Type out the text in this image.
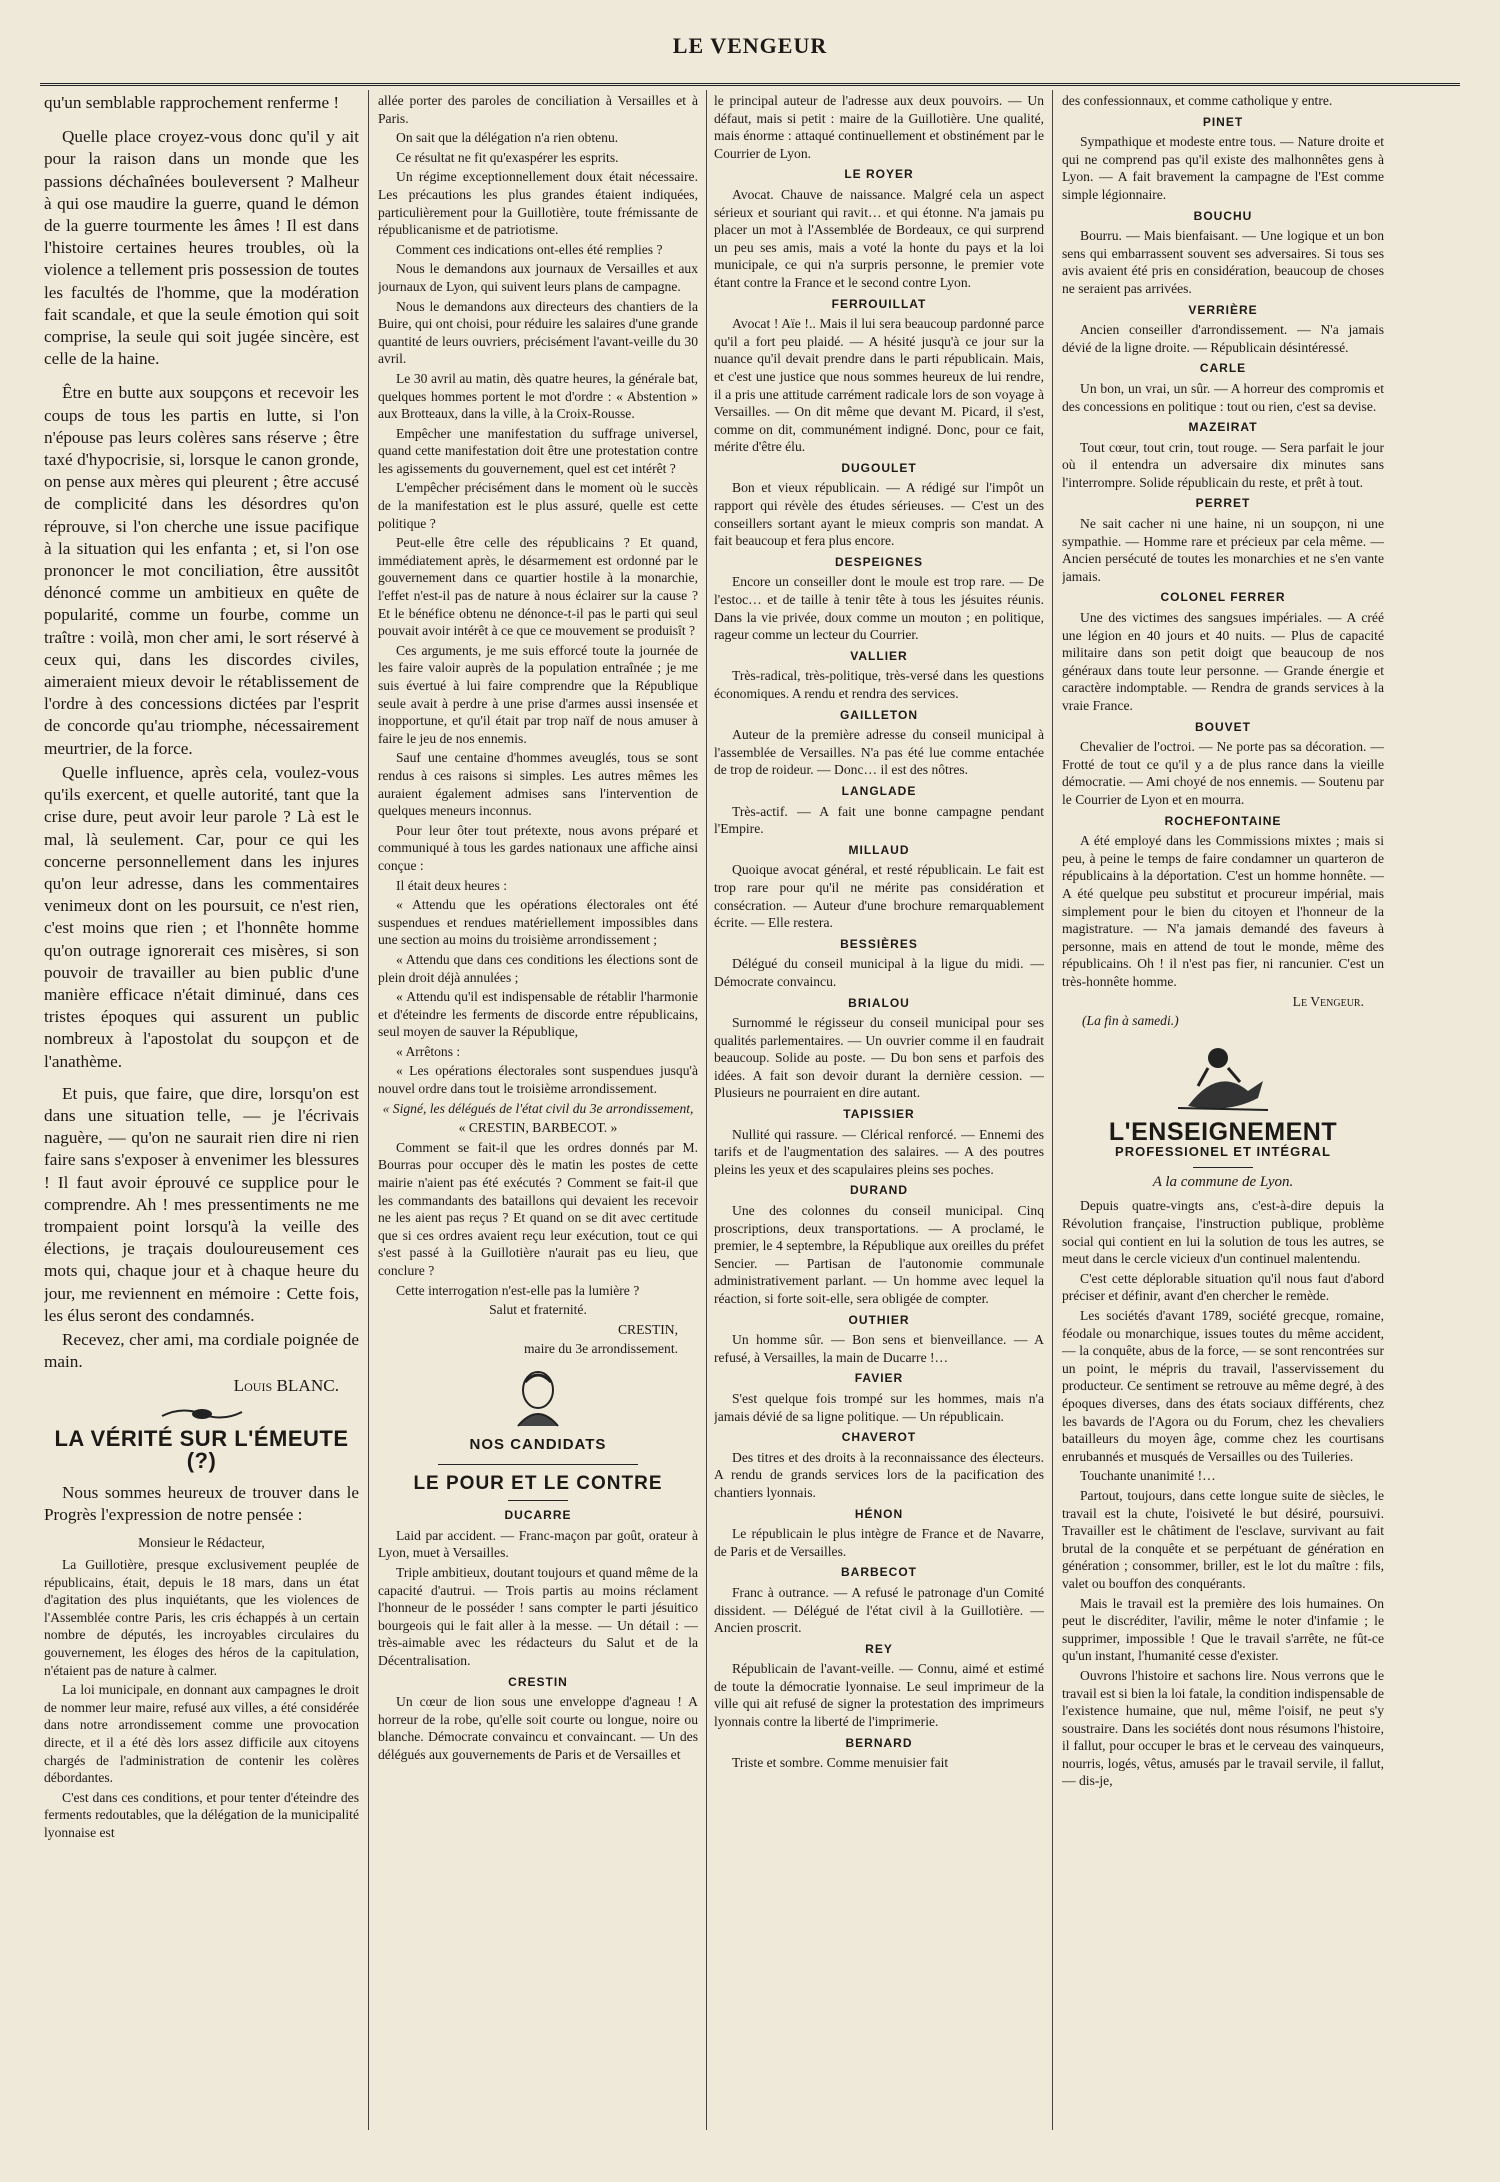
LE VENGEUR

qu'un semblable rapprochement renferme !

Quelle place croyez-vous donc qu'il y ait pour la raison dans un monde que les passions déchaînées bouleversent ? Malheur à qui ose maudire la guerre, quand le démon de la guerre tourmente les âmes ! Il est dans l'histoire certaines heures troubles, où la violence a tellement pris possession de toutes les facultés de l'homme, que la modération fait scandale, et que la seule émotion qui soit comprise, la seule qui soit jugée sincère, est celle de la haine.

Être en butte aux soupçons et recevoir les coups de tous les partis en lutte, si l'on n'épouse pas leurs colères sans réserve ; être taxé d'hypocrisie, si, lorsque le canon gronde, on pense aux mères qui pleurent ; être accusé de complicité dans les désordres qu'on réprouve, si l'on cherche une issue pacifique à la situation qui les enfanta ; et, si l'on ose prononcer le mot conciliation, être aussitôt dénoncé comme un ambitieux en quête de popularité, comme un fourbe, comme un traître : voilà, mon cher ami, le sort réservé à ceux qui, dans les discordes civiles, aimeraient mieux devoir le rétablissement de l'ordre à des concessions dictées par l'esprit de concorde qu'au triomphe, nécessairement meurtrier, de la force.

Quelle influence, après cela, voulez-vous qu'ils exercent, et quelle autorité, tant que la crise dure, peut avoir leur parole ? Là est le mal, là seulement. Car, pour ce qui les concerne personnellement dans les injures qu'on leur adresse, dans les commentaires venimeux dont on les poursuit, ce n'est rien, c'est moins que rien ; et l'honnête homme qu'on outrage ignorerait ces misères, si son pouvoir de travailler au bien public d'une manière efficace n'était diminué, dans ces tristes époques qui assurent un public nombreux à l'apostolat du soupçon et de l'anathème.

Et puis, que faire, que dire, lorsqu'on est dans une situation telle, — je l'écrivais naguère, — qu'on ne saurait rien dire ni rien faire sans s'exposer à envenimer les blessures ! Il faut avoir éprouvé ce supplice pour le comprendre. Ah ! mes pressentiments ne me trompaient point lorsqu'à la veille des élections, je traçais douloureusement ces mots qui, chaque jour et à chaque heure du jour, me reviennent en mémoire : Cette fois, les élus seront des condamnés.

Recevez, cher ami, ma cordiale poignée de main.

Louis BLANC.

LA VÉRITÉ SUR L'ÉMEUTE (?)

Nous sommes heureux de trouver dans le Progrès l'expression de notre pensée :

Monsieur le Rédacteur,

La Guillotière, presque exclusivement peuplée de républicains, était, depuis le 18 mars, dans un état d'agitation des plus inquiétants, que les violences de l'Assemblée contre Paris, les cris échappés à un certain nombre de députés, les incroyables circulaires du gouvernement, les éloges des héros de la capitulation, n'étaient pas de nature à calmer.

La loi municipale, en donnant aux campagnes le droit de nommer leur maire, refusé aux villes, a été considérée dans notre arrondissement comme une provocation directe, et il a été dès lors assez difficile aux citoyens chargés de l'administration de contenir les colères débordantes.

C'est dans ces conditions, et pour tenter d'éteindre des ferments redoutables, que la délégation de la municipalité lyonnaise est

allée porter des paroles de conciliation à Versailles et à Paris.

On sait que la délégation n'a rien obtenu.

Ce résultat ne fit qu'exaspérer les esprits.

Un régime exceptionnellement doux était nécessaire. Les précautions les plus grandes étaient indiquées, particulièrement pour la Guillotière, toute frémissante de républicanisme et de patriotisme.

Comment ces indications ont-elles été remplies ?

Nous le demandons aux journaux de Versailles et aux journaux de Lyon, qui suivent leurs plans de campagne.

Nous le demandons aux directeurs des chantiers de la Buire, qui ont choisi, pour réduire les salaires d'une grande quantité de leurs ouvriers, précisément l'avant-veille du 30 avril.

Le 30 avril au matin, dès quatre heures, la générale bat, quelques hommes portent le mot d'ordre : « Abstention » aux Brotteaux, dans la ville, à la Croix-Rousse.

Empêcher une manifestation du suffrage universel, quand cette manifestation doit être une protestation contre les agissements du gouvernement, quel est cet intérêt ?

L'empêcher précisément dans le moment où le succès de la manifestation est le plus assuré, quelle est cette politique ?

Peut-elle être celle des républicains ? Et quand, immédiatement après, le désarmement est ordonné par le gouvernement dans ce quartier hostile à la monarchie, l'effet n'est-il pas de nature à nous éclairer sur la cause ? Et le bénéfice obtenu ne dénonce-t-il pas le parti qui seul pouvait avoir intérêt à ce que ce mouvement se produisît ?

Ces arguments, je me suis efforcé toute la journée de les faire valoir auprès de la population entraînée ; je me suis évertué à lui faire comprendre que la République seule avait à perdre à une prise d'armes aussi insensée et inopportune, et qu'il était par trop naïf de nous amuser à faire le jeu de nos ennemis.

Sauf une centaine d'hommes aveuglés, tous se sont rendus à ces raisons si simples. Les autres mêmes les auraient également admises sans l'intervention de quelques meneurs inconnus.

Pour leur ôter tout prétexte, nous avons préparé et communiqué à tous les gardes nationaux une affiche ainsi conçue :

Il était deux heures :

« Attendu que les opérations électorales ont été suspendues et rendues matériellement impossibles dans une section au moins du troisième arrondissement ;

« Attendu que dans ces conditions les élections sont de plein droit déjà annulées ;

« Attendu qu'il est indispensable de rétablir l'harmonie et d'éteindre les ferments de discorde entre républicains, seul moyen de sauver la République,

« Arrêtons :

« Les opérations électorales sont suspendues jusqu'à nouvel ordre dans tout le troisième arrondissement.

« Signé, les délégués de l'état civil du 3e arrondissement,

« CRESTIN, BARBECOT. »

Comment se fait-il que les ordres donnés par M. Bourras pour occuper dès le matin les postes de cette mairie n'aient pas été exécutés ? Comment se fait-il que les commandants des bataillons qui devaient les recevoir ne les aient pas reçus ? Et quand on se dit avec certitude que si ces ordres avaient reçu leur exécution, tout ce qui s'est passé à la Guillotière n'aurait pas eu lieu, que conclure ?

Cette interrogation n'est-elle pas la lumière ?

Salut et fraternité.

CRESTIN,

maire du 3e arrondissement.

NOS CANDIDATS
LE POUR ET LE CONTRE
DUCARRE

Laid par accident. — Franc-maçon par goût, orateur à Lyon, muet à Versailles.

Triple ambitieux, doutant toujours et quand même de la capacité d'autrui. — Trois partis au moins réclament l'honneur de le posséder ! sans compter le parti jésuitico bourgeois qui le fait aller à la messe. — Un détail : — très-aimable avec les rédacteurs du Salut et de la Décentralisation.

CRESTIN

Un cœur de lion sous une enveloppe d'agneau ! A horreur de la robe, qu'elle soit courte ou longue, noire ou blanche. Démocrate convaincu et convaincant. — Un des délégués aux gouvernements de Paris et de Versailles et

le principal auteur de l'adresse aux deux pouvoirs. — Un défaut, mais si petit : maire de la Guillotière. Une qualité, mais énorme : attaqué continuellement et obstinément par le Courrier de Lyon.

LE ROYER

Avocat. Chauve de naissance. Malgré cela un aspect sérieux et souriant qui ravit… et qui étonne. N'a jamais pu placer un mot à l'Assemblée de Bordeaux, ce qui surprend un peu ses amis, mais a voté la honte du pays et la loi municipale, ce qui n'a surpris personne, le premier vote étant contre la France et le second contre Lyon.

FERROUILLAT

Avocat ! Aïe !.. Mais il lui sera beaucoup pardonné parce qu'il a fort peu plaidé. — A hésité jusqu'à ce jour sur la nuance qu'il devait prendre dans le parti républicain. Mais, et c'est une justice que nous sommes heureux de lui rendre, il a pris une attitude carrément radicale lors de son voyage à Versailles. — On dit même que devant M. Picard, il s'est, comme on dit, communément indigné. Donc, pour ce fait, mérite d'être élu.

DUGOULET

Bon et vieux républicain. — A rédigé sur l'impôt un rapport qui révèle des études sérieuses. — C'est un des conseillers sortant ayant le mieux compris son mandat. A fait beaucoup et fera plus encore.

DESPEIGNES

Encore un conseiller dont le moule est trop rare. — De l'estoc… et de taille à tenir tête à tous les jésuites réunis. Dans la vie privée, doux comme un mouton ; en politique, rageur comme un lecteur du Courrier.

VALLIER

Très-radical, très-politique, très-versé dans les questions économiques. A rendu et rendra des services.

GAILLETON

Auteur de la première adresse du conseil municipal à l'assemblée de Versailles. N'a pas été lue comme entachée de trop de roideur. — Donc… il est des nôtres.

LANGLADE

Très-actif. — A fait une bonne campagne pendant l'Empire.

MILLAUD

Quoique avocat général, et resté républicain. Le fait est trop rare pour qu'il ne mérite pas considération et consécration. — Auteur d'une brochure remarquablement écrite. — Elle restera.

BESSIÈRES

Délégué du conseil municipal à la ligue du midi. — Démocrate convaincu.

BRIALOU

Surnommé le régisseur du conseil municipal pour ses qualités parlementaires. — Un ouvrier comme il en faudrait beaucoup. Solide au poste. — Du bon sens et parfois des idées. A fait son devoir durant la dernière cession. — Plusieurs ne pourraient en dire autant.

TAPISSIER

Nullité qui rassure. — Clérical renforcé. — Ennemi des tarifs et de l'augmentation des salaires. — A des poutres pleins les yeux et des scapulaires pleins ses poches.

DURAND

Une des colonnes du conseil municipal. Cinq proscriptions, deux transportations. — A proclamé, le premier, le 4 septembre, la République aux oreilles du préfet Sencier. — Partisan de l'autonomie communale administrativement parlant. — Un homme avec lequel la réaction, si forte soit-elle, sera obligée de compter.

OUTHIER

Un homme sûr. — Bon sens et bienveillance. — A refusé, à Versailles, la main de Ducarre !…

FAVIER

S'est quelque fois trompé sur les hommes, mais n'a jamais dévié de sa ligne politique. — Un républicain.

CHAVEROT

Des titres et des droits à la reconnaissance des électeurs. A rendu de grands services lors de la pacification des chantiers lyonnais.

HÉNON

Le républicain le plus intègre de France et de Navarre, de Paris et de Versailles.

BARBECOT

Franc à outrance. — A refusé le patronage d'un Comité dissident. — Délégué de l'état civil à la Guillotière. — Ancien proscrit.

REY

Républicain de l'avant-veille. — Connu, aimé et estimé de toute la démocratie lyonnaise. Le seul imprimeur de la ville qui ait refusé de signer la protestation des imprimeurs lyonnais contre la liberté de l'imprimerie.

BERNARD

Triste et sombre. Comme menuisier fait

des confessionnaux, et comme catholique y entre.

PINET

Sympathique et modeste entre tous. — Nature droite et qui ne comprend pas qu'il existe des malhonnêtes gens à Lyon. — A fait bravement la campagne de l'Est comme simple légionnaire.

BOUCHU

Bourru. — Mais bienfaisant. — Une logique et un bon sens qui embarrassent souvent ses adversaires. Si tous ses avis avaient été pris en considération, beaucoup de choses ne seraient pas arrivées.

VERRIÈRE

Ancien conseiller d'arrondissement. — N'a jamais dévié de la ligne droite. — Républicain désintéressé.

CARLE

Un bon, un vrai, un sûr. — A horreur des compromis et des concessions en politique : tout ou rien, c'est sa devise.

MAZEIRAT

Tout cœur, tout crin, tout rouge. — Sera parfait le jour où il entendra un adversaire dix minutes sans l'interrompre. Solide républicain du reste, et prêt à tout.

PERRET

Ne sait cacher ni une haine, ni un soupçon, ni une sympathie. — Homme rare et précieux par cela même. — Ancien persécuté de toutes les monarchies et ne s'en vante jamais.

COLONEL FERRER

Une des victimes des sangsues impériales. — A créé une légion en 40 jours et 40 nuits. — Plus de capacité militaire dans son petit doigt que beaucoup de nos généraux dans toute leur personne. — Grande énergie et caractère indomptable. — Rendra de grands services à la vraie France.

BOUVET

Chevalier de l'octroi. — Ne porte pas sa décoration. — Frotté de tout ce qu'il y a de plus rance dans la vieille démocratie. — Ami choyé de nos ennemis. — Soutenu par le Courrier de Lyon et en mourra.

ROCHEFONTAINE

A été employé dans les Commissions mixtes ; mais si peu, à peine le temps de faire condamner un quarteron de républicains à la déportation. C'est un homme honnête. — A été quelque peu substitut et procureur impérial, mais simplement pour le bien du citoyen et l'honneur de la magistrature. — N'a jamais demandé des faveurs à personne, mais en attend de tout le monde, même des républicains. Oh ! il n'est pas fier, ni rancunier. C'est un très-honnête homme.

Le Vengeur.

(La fin à samedi.)

L'ENSEIGNEMENT
PROFESSIONEL ET INTÉGRAL

A la commune de Lyon.

Depuis quatre-vingts ans, c'est-à-dire depuis la Révolution française, l'instruction publique, problème social qui contient en lui la solution de tous les autres, se meut dans le cercle vicieux d'un continuel malentendu.

C'est cette déplorable situation qu'il nous faut d'abord préciser et définir, avant d'en chercher le remède.

Les sociétés d'avant 1789, société grecque, romaine, féodale ou monarchique, issues toutes du même accident, — la conquête, abus de la force, — se sont rencontrées sur un point, le mépris du travail, l'asservissement du producteur. Ce sentiment se retrouve au même degré, à des époques diverses, dans des états sociaux différents, chez les bavards de l'Agora ou du Forum, chez les chevaliers batailleurs du moyen âge, comme chez les courtisans enrubannés et musqués de Versailles ou des Tuileries.

Touchante unanimité !…

Partout, toujours, dans cette longue suite de siècles, le travail est la chute, l'oisiveté le but désiré, poursuivi. Travailler est le châtiment de l'esclave, survivant au fait brutal de la conquête et se perpétuant de génération en génération ; consommer, briller, est le lot du maître : fils, valet ou bouffon des conquérants.

Mais le travail est la première des lois humaines. On peut le discréditer, l'avilir, même le noter d'infamie ; le supprimer, impossible ! Que le travail s'arrête, ne fût-ce qu'un instant, l'humanité cesse d'exister.

Ouvrons l'histoire et sachons lire. Nous verrons que le travail est si bien la loi fatale, la condition indispensable de l'existence humaine, que nul, même l'oisif, ne peut s'y soustraire. Dans les sociétés dont nous résumons l'histoire, il fallut, pour occuper le bras et le cerveau des vainqueurs, nourris, logés, vêtus, amusés par le travail servile, il fallut, — dis-je,
